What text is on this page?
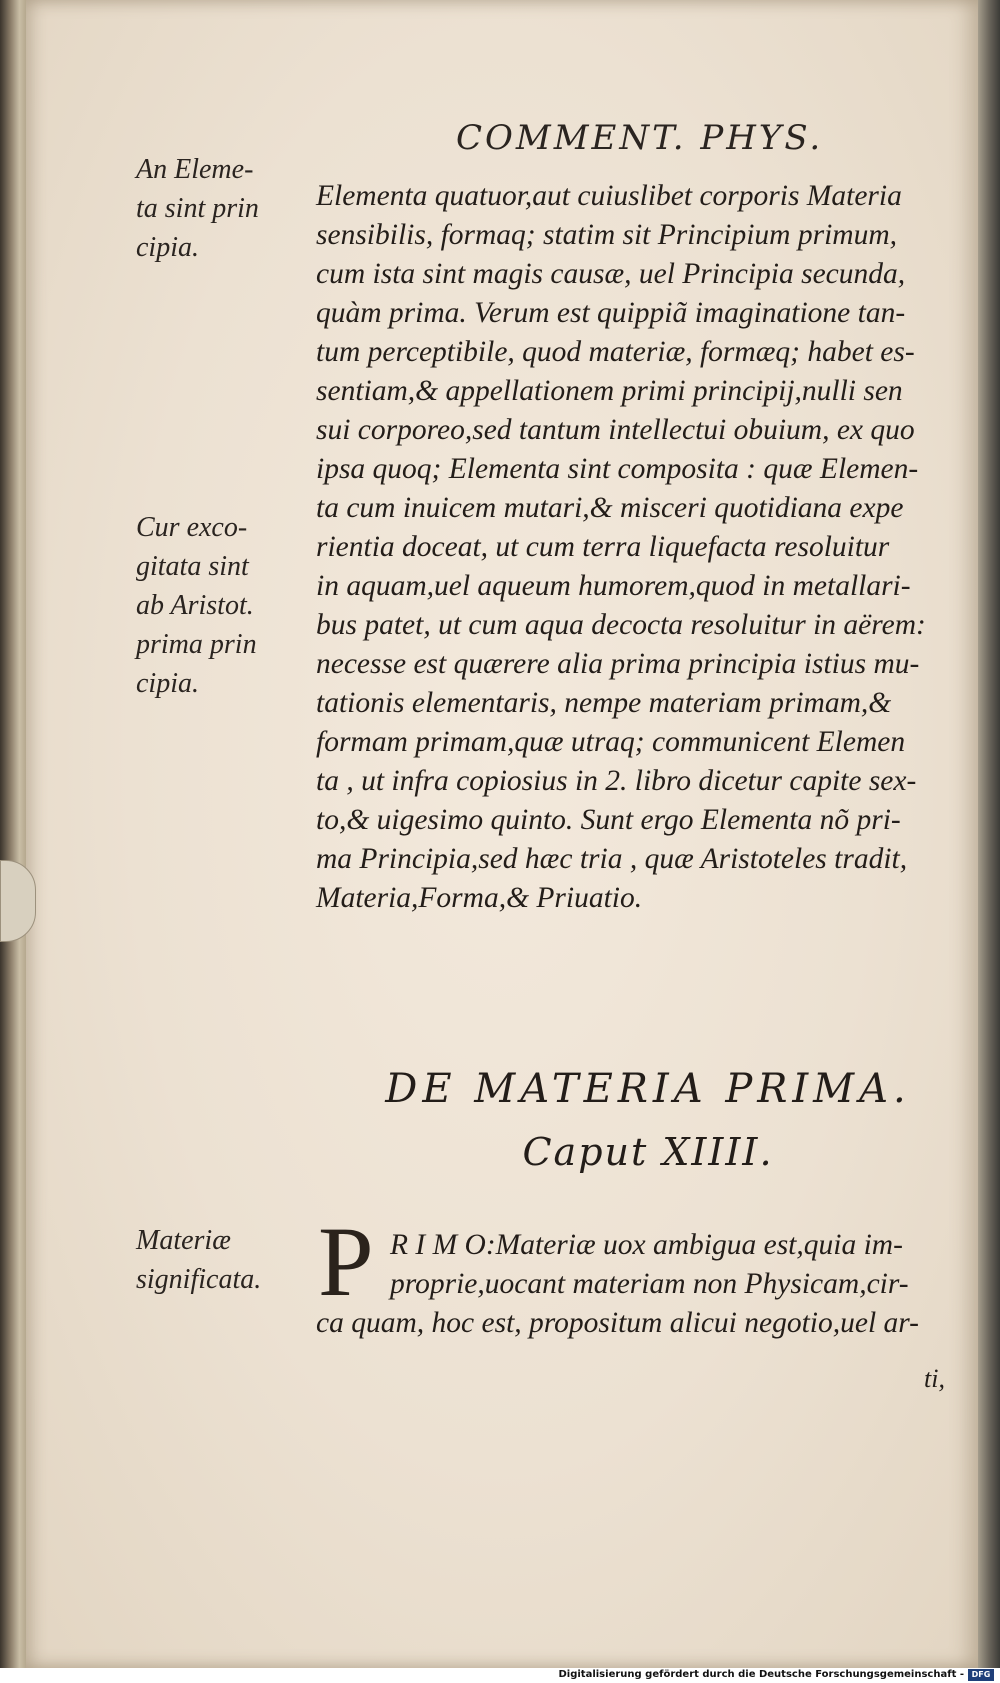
COMMENT. PHYS.
An Eleme-
ta sint prin
cipia.
Cur exco-
gitata sint
ab Aristot.
prima prin
cipia.
Materiæ
significata.
Elementa quatuor,aut cuiuslibet corporis Materia
sensibilis, formaq; statim sit Principium primum,
cum ista sint magis causæ, uel Principia secunda,
quàm prima. Verum est quippiã imaginatione tan-
tum perceptibile, quod materiæ, formæq; habet es-
sentiam,& appellationem primi principij,nulli sen
sui corporeo,sed tantum intellectui obuium, ex quo
ipsa quoq; Elementa sint composita : quæ Elemen-
ta cum inuicem mutari,& misceri quotidiana expe
rientia doceat, ut cum terra liquefacta resoluitur
in aquam,uel aqueum humorem,quod in metallari-
bus patet, ut cum aqua decocta resoluitur in aërem:
necesse est quærere alia prima principia istius mu-
tationis elementaris, nempe materiam primam,&
formam primam,quæ utraq; communicent Elemen
ta , ut infra copiosius in 2. libro dicetur capite sex-
to,& uigesimo quinto. Sunt ergo Elementa nõ pri-
ma Principia,sed hæc tria , quæ Aristoteles tradit,
Materia,Forma,& Priuatio.
DE MATERIA PRIMA.
Caput XIIII.
P R I M O:Materiæ uox ambigua est,quia im-
proprie,uocant materiam non Physicam,cir-
ca quam, hoc est, propositum alicui negotio,uel ar-
ti,
Digitalisierung gefördert durch die Deutsche Forschungsgemeinschaft - DFG
